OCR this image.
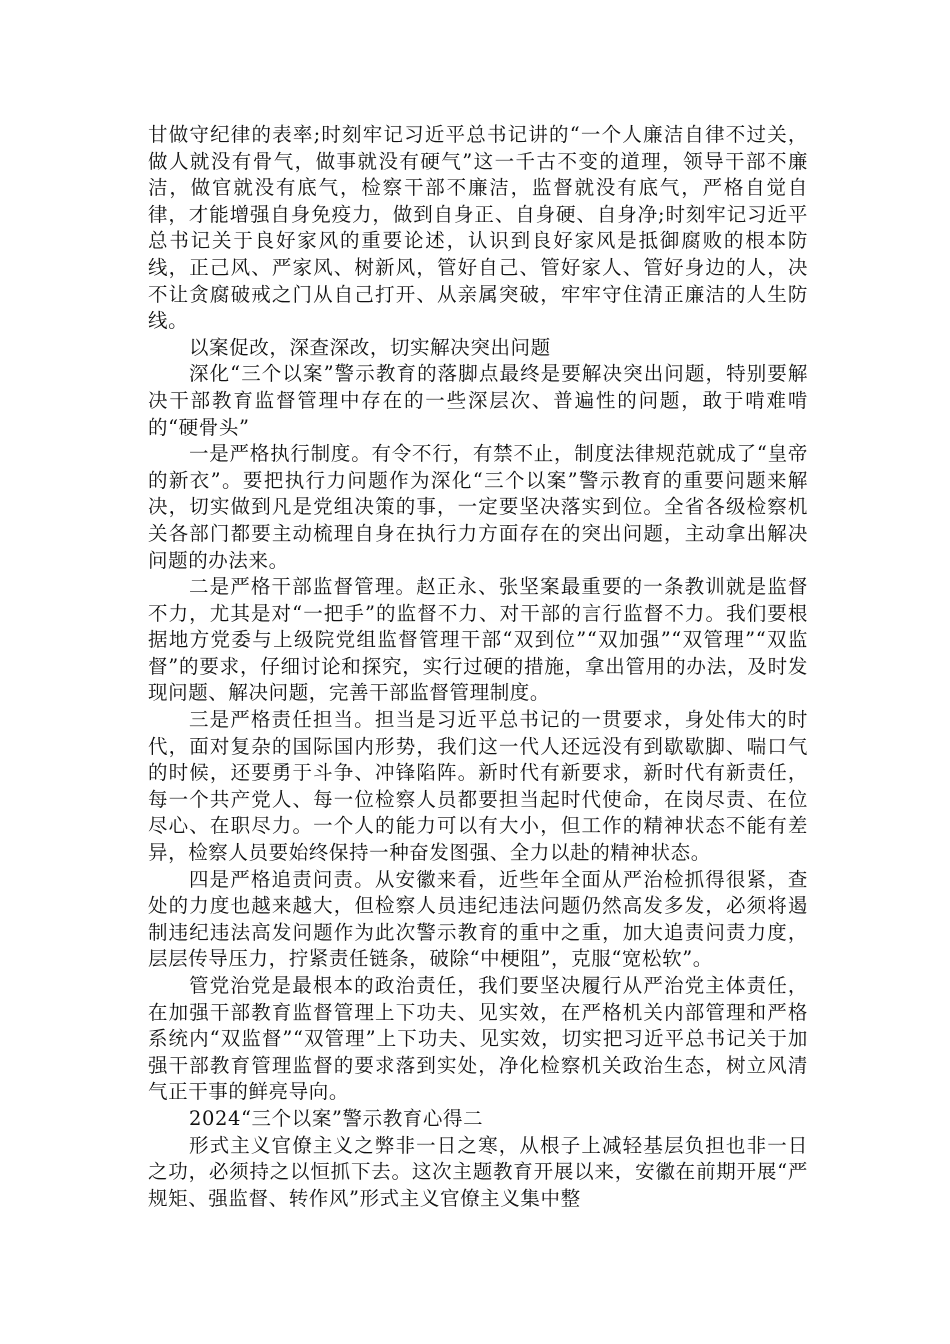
甘做守纪律的表率;时刻牢记习近平总书记讲的“一个人廉洁自律不过关，做人就没有骨气，做事就没有硬气”这一千古不变的道理，领导干部不廉洁，做官就没有底气，检察干部不廉洁，监督就没有底气，严格自觉自律，才能增强自身免疫力，做到自身正、自身硬、自身净;时刻牢记习近平总书记关于良好家风的重要论述，认识到良好家风是抵御腐败的根本防线，正己风、严家风、树新风，管好自己、管好家人、管好身边的人，决不让贪腐破戒之门从自己打开、从亲属突破，牢牢守住清正廉洁的人生防线。

以案促改，深查深改，切实解决突出问题

深化“三个以案”警示教育的落脚点最终是要解决突出问题，特别要解决干部教育监督管理中存在的一些深层次、普遍性的问题，敢于啃难啃的“硬骨头”

一是严格执行制度。有令不行，有禁不止，制度法律规范就成了“皇帝的新衣”。要把执行力问题作为深化“三个以案”警示教育的重要问题来解决，切实做到凡是党组决策的事，一定要坚决落实到位。全省各级检察机关各部门都要主动梳理自身在执行力方面存在的突出问题，主动拿出解决问题的办法来。

二是严格干部监督管理。赵正永、张坚案最重要的一条教训就是监督不力，尤其是对“一把手”的监督不力、对干部的言行监督不力。我们要根据地方党委与上级院党组监督管理干部“双到位”“双加强”“双管理”“双监督”的要求，仔细讨论和探究，实行过硬的措施，拿出管用的办法，及时发现问题、解决问题，完善干部监督管理制度。

三是严格责任担当。担当是习近平总书记的一贯要求，身处伟大的时代，面对复杂的国际国内形势，我们这一代人还远没有到歇歇脚、喘口气的时候，还要勇于斗争、冲锋陷阵。新时代有新要求，新时代有新责任，每一个共产党人、每一位检察人员都要担当起时代使命，在岗尽责、在位尽心、在职尽力。一个人的能力可以有大小，但工作的精神状态不能有差异，检察人员要始终保持一种奋发图强、全力以赴的精神状态。

四是严格追责问责。从安徽来看，近些年全面从严治检抓得很紧，查处的力度也越来越大，但检察人员违纪违法问题仍然高发多发，必须将遏制违纪违法高发问题作为此次警示教育的重中之重，加大追责问责力度，层层传导压力，拧紧责任链条，破除“中梗阻”，克服“宽松软”。

管党治党是最根本的政治责任，我们要坚决履行从严治党主体责任，在加强干部教育监督管理上下功夫、见实效，在严格机关内部管理和严格系统内“双监督”“双管理”上下功夫、见实效，切实把习近平总书记关于加强干部教育管理监督的要求落到实处，净化检察机关政治生态，树立风清气正干事的鲜亮导向。

2024“三个以案”警示教育心得二

形式主义官僚主义之弊非一日之寒，从根子上减轻基层负担也非一日之功，必须持之以恒抓下去。这次主题教育开展以来，安徽在前期开展“严规矩、强监督、转作风”形式主义官僚主义集中整
